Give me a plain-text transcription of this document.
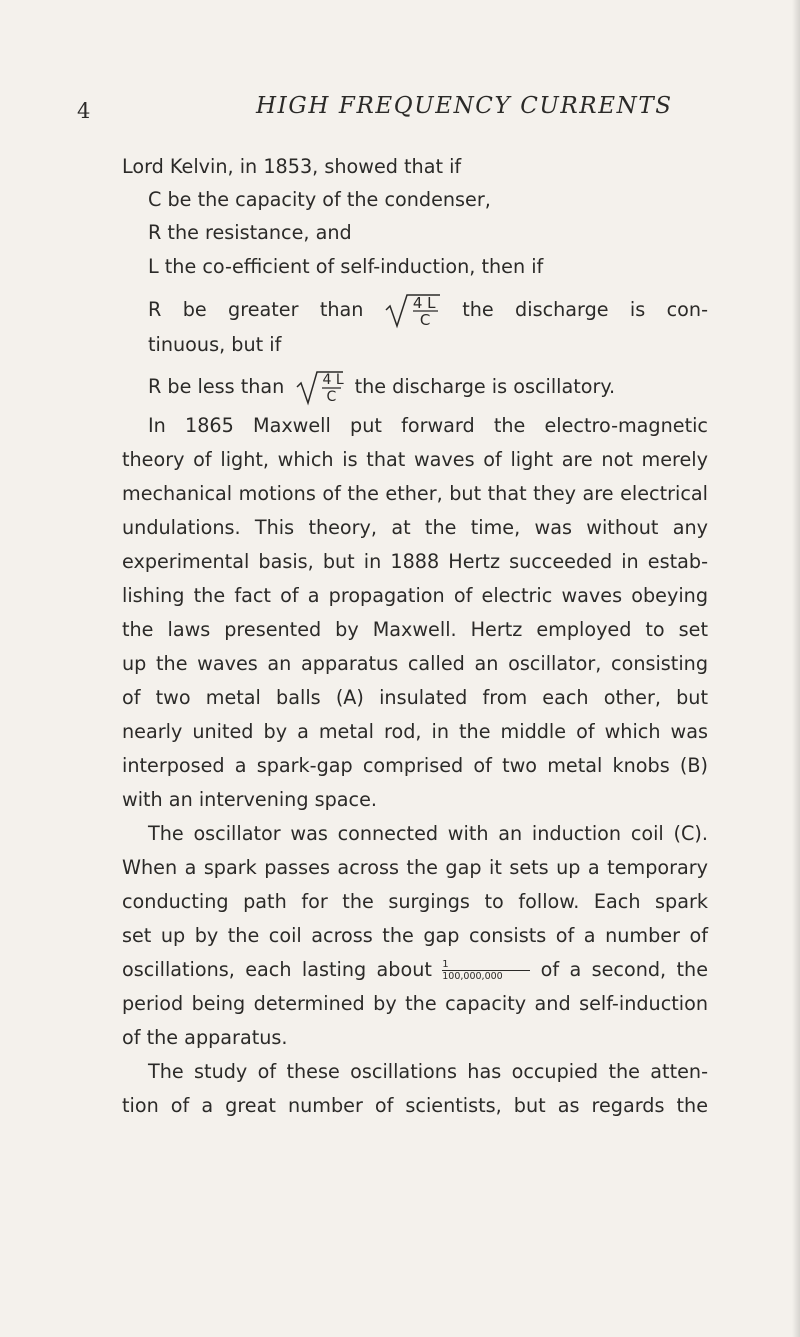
4	HIGH FREQUENCY CURRENTS
Lord Kelvin, in 1853, showed that if
C be the capacity of the condenser,
R the resistance, and
L the co-efficient of self-induction, then if
R be greater than	4 L
C the discharge is con-
tinuous, but if
R be less than	4 L
C the discharge is oscillatory.
In 1865 Maxwell put forward the electro-magnetic
theory of light, which is that waves of light are not merely
mechanical motions of the ether, but that they are electrical
undulations. This theory, at the time, was without any
experimental basis, but in 1888 Hertz succeeded in estab-
lishing the fact of a propagation of electric waves obeying
the laws presented by Maxwell. Hertz employed to set
up the waves an apparatus called an oscillator, consisting
of two metal balls (A) insulated from each other, but
nearly united by a metal rod, in the middle of which was
interposed a spark-gap comprised of two metal knobs (B)
with an intervening space.
The oscillator was connected with an induction coil (C).
When a spark passes across the gap it sets up a temporary
conducting path for the surgings to follow. Each spark
set up by the coil across the gap consists of a number of
oscillations, each lasting about $\frac{1}{100,000,000}$ of a second, the
period being determined by the capacity and self-induction
of the apparatus.
The study of these oscillations has occupied the atten-
tion of a great number of scientists, but as regards the
